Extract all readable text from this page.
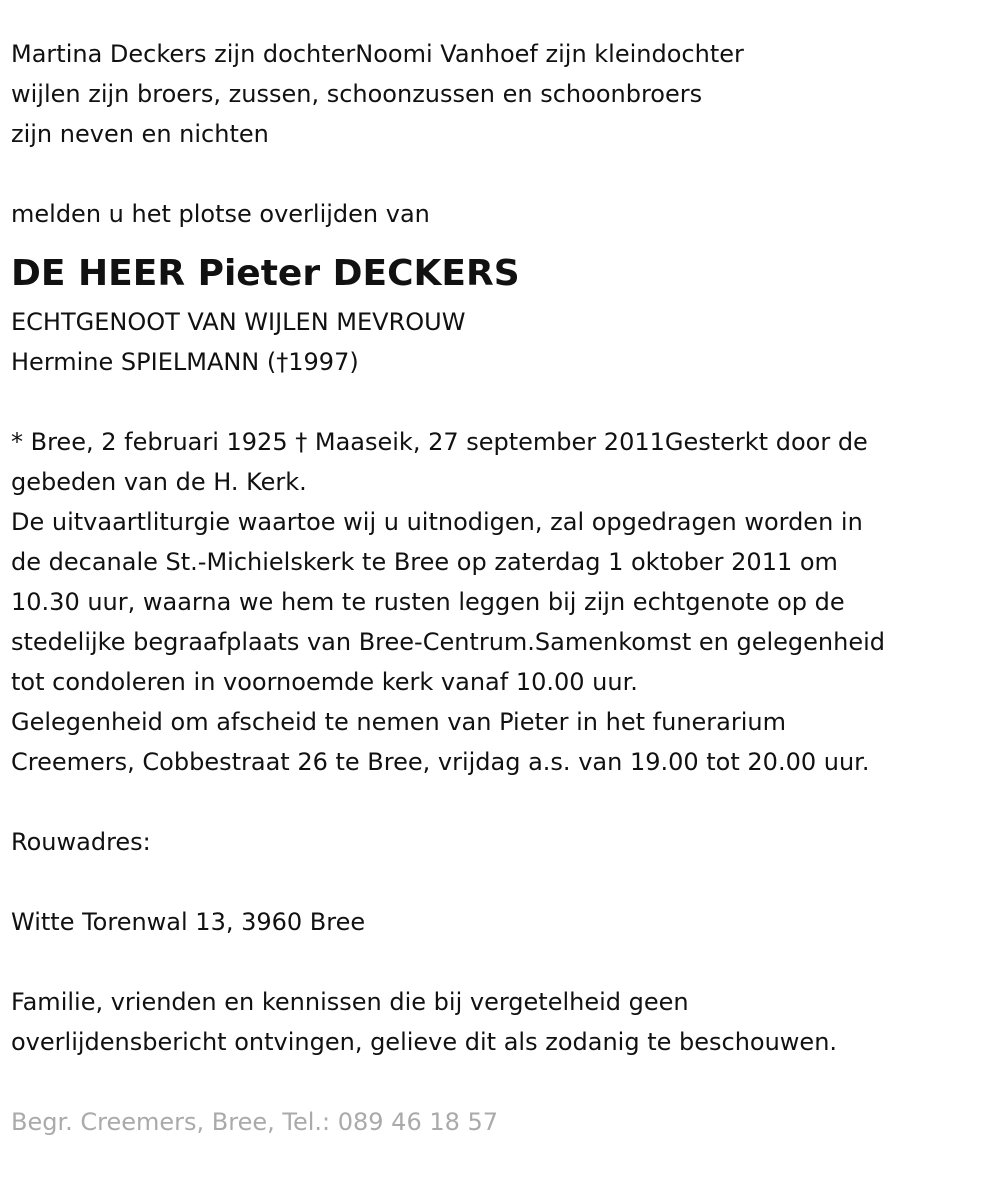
Martina Deckers zijn dochterNoomi Vanhoef zijn kleindochter
wijlen zijn broers, zussen, schoonzussen en schoonbroers
zijn neven en nichten
melden u het plotse overlijden van
DE HEER Pieter DECKERS
ECHTGENOOT VAN WIJLEN MEVROUW
Hermine SPIELMANN (†1997)
* Bree, 2 februari 1925 † Maaseik, 27 september 2011Gesterkt door de
gebeden van de H. Kerk.
De uitvaartliturgie waartoe wij u uitnodigen, zal opgedragen worden in
de decanale St.-Michielskerk te Bree op zaterdag 1 oktober 2011 om
10.30 uur, waarna we hem te rusten leggen bij zijn echtgenote op de
stedelijke begraafplaats van Bree-Centrum.Samenkomst en gelegenheid
tot condoleren in voornoemde kerk vanaf 10.00 uur.
Gelegenheid om afscheid te nemen van Pieter in het funerarium
Creemers, Cobbestraat 26 te Bree, vrijdag a.s. van 19.00 tot 20.00 uur.
Rouwadres:
Witte Torenwal 13, 3960 Bree
Familie, vrienden en kennissen die bij vergetelheid geen
overlijdensbericht ontvingen, gelieve dit als zodanig te beschouwen.
Begr. Creemers, Bree, Tel.: 089 46 18 57
